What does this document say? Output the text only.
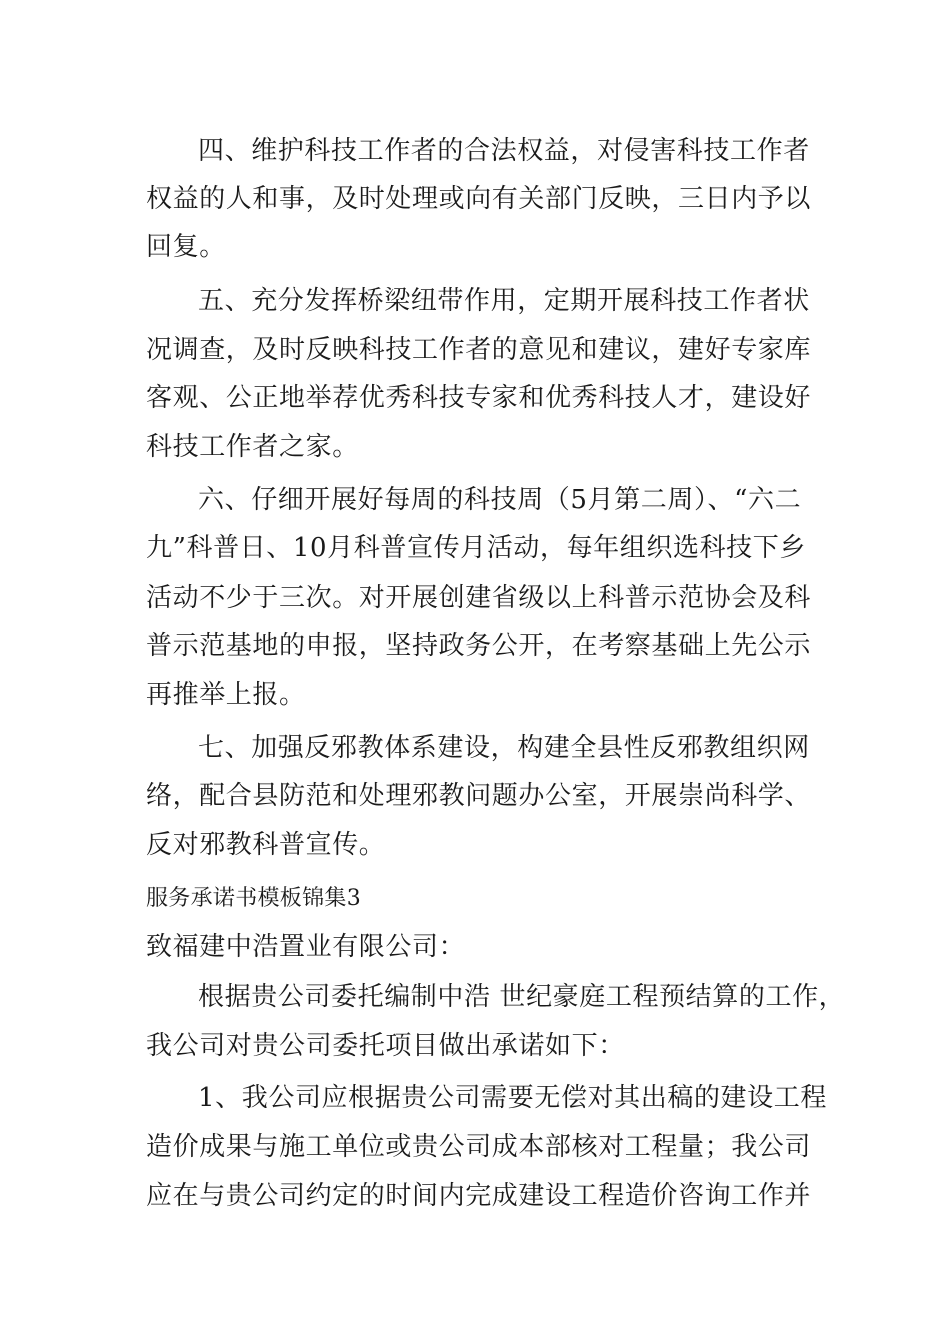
四、维护科技工作者的合法权益，对侵害科技工作者
权益的人和事，及时处理或向有关部门反映，三日内予以
回复。
五、充分发挥桥梁纽带作用，定期开展科技工作者状
况调查，及时反映科技工作者的意见和建议，建好专家库
客观、公正地举荐优秀科技专家和优秀科技人才，建设好
科技工作者之家。
六、仔细开展好每周的科技周（5月第二周）、“六二
九”科普日、10月科普宣传月活动，每年组织选科技下乡
活动不少于三次。对开展创建省级以上科普示范协会及科
普示范基地的申报，坚持政务公开，在考察基础上先公示
再推举上报。
七、加强反邪教体系建设，构建全县性反邪教组织网
络，配合县防范和处理邪教问题办公室，开展崇尚科学、
反对邪教科普宣传。
服务承诺书模板锦集3
致福建中浩置业有限公司：
根据贵公司委托编制中浩 世纪豪庭工程预结算的工作，
我公司对贵公司委托项目做出承诺如下：
1、我公司应根据贵公司需要无偿对其出稿的建设工程
造价成果与施工单位或贵公司成本部核对工程量；我公司
应在与贵公司约定的时间内完成建设工程造价咨询工作并
